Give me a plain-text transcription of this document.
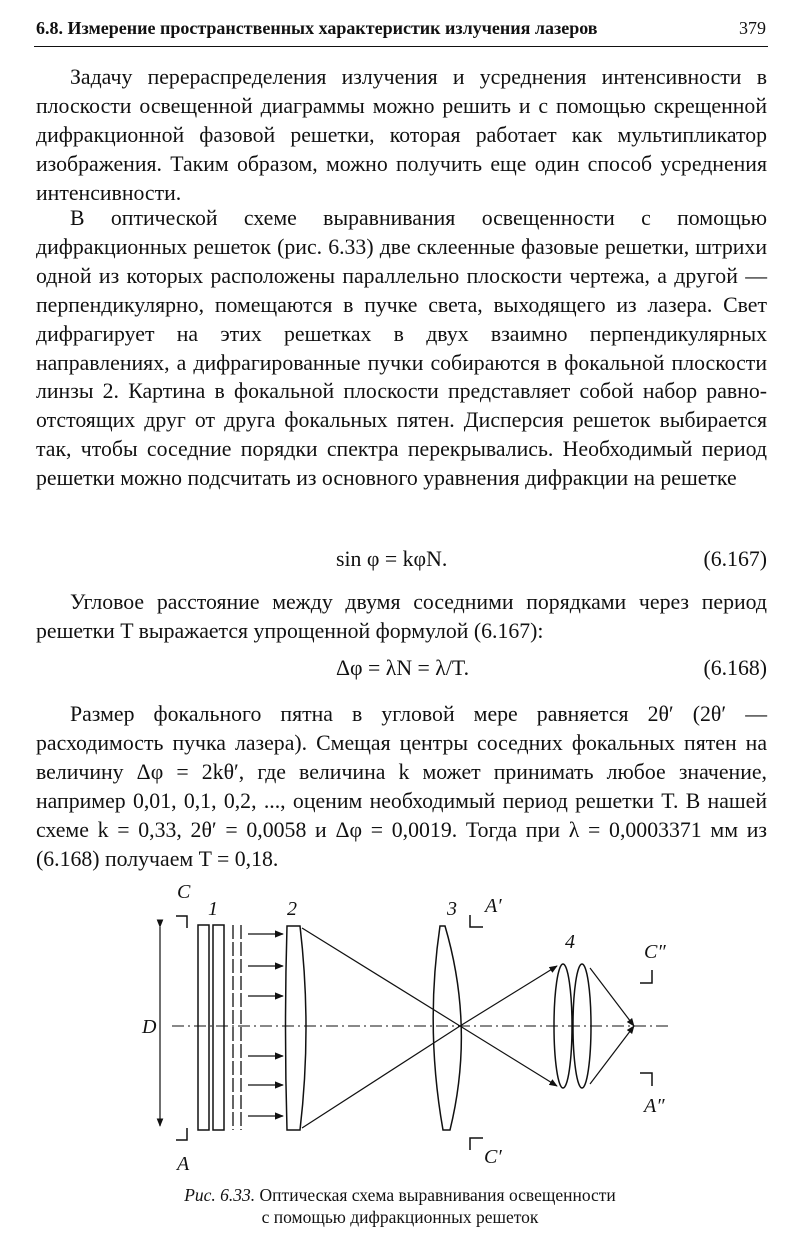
6.8. Измерение пространственных характеристик излучения лазеров	379

Задачу перераспределения излучения и усреднения интенсивности в плоскости освещенной диаграммы можно решить и с помощью скрещенной дифракционной фазовой решетки, которая работает как мультипликатор изображения. Таким образом, можно получить еще один способ усреднения интенсивности.

В оптической схеме выравнивания освещенности с помощью дифракционных решеток (рис. 6.33) две склеенные фазовые решетки, штрихи одной из которых расположены параллельно плоскости чертежа, а другой — перпендикулярно, помещаются в пучке света, выходящего из лазера. Свет дифрагирует на этих решетках в двух взаимно перпендикулярных направлениях, а дифрагированные пучки собираются в фокальной плоскости линзы 2. Картина в фокальной плоскости представляет собой набор равноотстоящих друг от друга фокальных пятен. Дисперсия решеток выбирается так, чтобы соседние порядки спектра перекрывались. Необходимый период решетки можно подсчитать из основного уравнения дифракции на решетке

sin φ = kφN.	(6.167)

Угловое расстояние между двумя соседними порядками через период решетки T выражается упрощенной формулой (6.167):

Δφ = λN = λ/T.	(6.168)

Размер фокального пятна в угловой мере равняется 2θ′ (2θ′ — расходимость пучка лазера). Смещая центры соседних фокальных пятен на величину Δφ = 2kθ′, где величина k может принимать любое значение, например 0,01, 0,1, 0,2, ..., оценим необходимый период решетки T. В нашей схеме k = 0,33, 2θ′ = 0,0058 и Δφ = 0,0019. Тогда при λ = 0,0003371 мм из (6.168) получаем T = 0,18.

C
1	2	3 A′
4	C″
D
A″
C′
A
Рис. 6.33. Оптическая схема выравнивания освещенности
с помощью дифракционных решеток
